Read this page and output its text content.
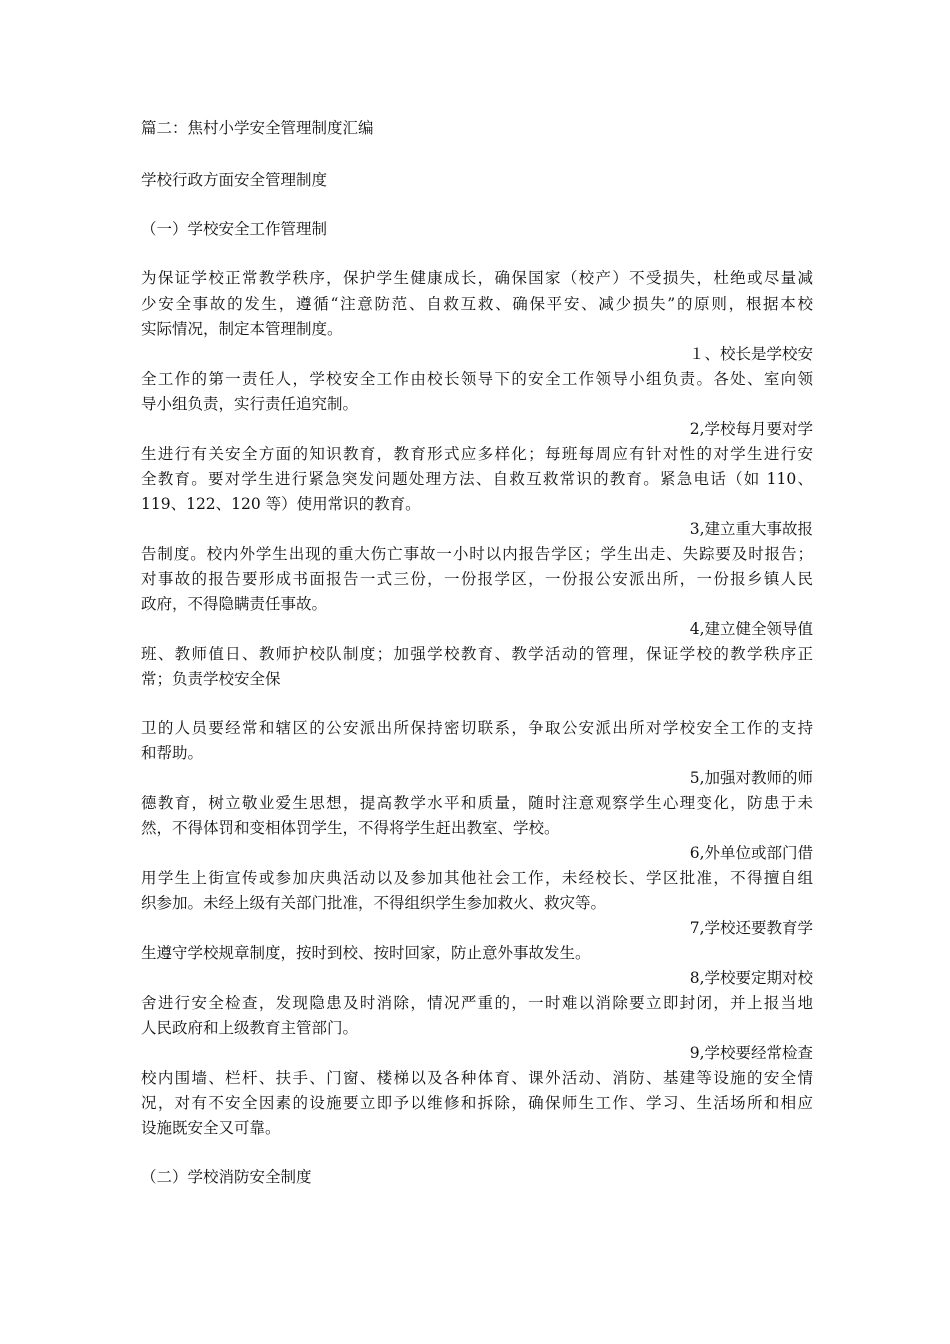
篇二：焦村小学安全管理制度汇编
学校行政方面安全管理制度
（一）学校安全工作管理制
为保证学校正常教学秩序，保护学生健康成长，确保国家（校产）不受损失，杜绝或尽量减
少安全事故的发生，遵循“注意防范、自救互救、确保平安、减少损失”的原则，根据本校
实际情况，制定本管理制度。
１、校长是学校安
全工作的第一责任人，学校安全工作由校长领导下的安全工作领导小组负责。各处、室向领
导小组负责，实行责任追究制。
2,学校每月要对学
生进行有关安全方面的知识教育，教育形式应多样化；每班每周应有针对性的对学生进行安
全教育。要对学生进行紧急突发问题处理方法、自救互救常识的教育。紧急电话（如 110、
119、122、120 等）使用常识的教育。
3,建立重大事故报
告制度。校内外学生出现的重大伤亡事故一小时以内报告学区；学生出走、失踪要及时报告；
对事故的报告要形成书面报告一式三份，一份报学区，一份报公安派出所，一份报乡镇人民
政府，不得隐瞒责任事故。
4,建立健全领导值
班、教师值日、教师护校队制度；加强学校教育、教学活动的管理，保证学校的教学秩序正
常；负责学校安全保
卫的人员要经常和辖区的公安派出所保持密切联系，争取公安派出所对学校安全工作的支持
和帮助。
5,加强对教师的师
德教育，树立敬业爱生思想，提高教学水平和质量，随时注意观察学生心理变化，防患于未
然，不得体罚和变相体罚学生，不得将学生赶出教室、学校。
6,外单位或部门借
用学生上街宣传或参加庆典活动以及参加其他社会工作，未经校长、学区批准，不得擅自组
织参加。未经上级有关部门批准，不得组织学生参加救火、救灾等。
7,学校还要教育学
生遵守学校规章制度，按时到校、按时回家，防止意外事故发生。
8,学校要定期对校
舍进行安全检查，发现隐患及时消除，情况严重的，一时难以消除要立即封闭，并上报当地
人民政府和上级教育主管部门。
9,学校要经常检查
校内围墙、栏杆、扶手、门窗、楼梯以及各种体育、课外活动、消防、基建等设施的安全情
况，对有不安全因素的设施要立即予以维修和拆除，确保师生工作、学习、生活场所和相应
设施既安全又可靠。
（二）学校消防安全制度
